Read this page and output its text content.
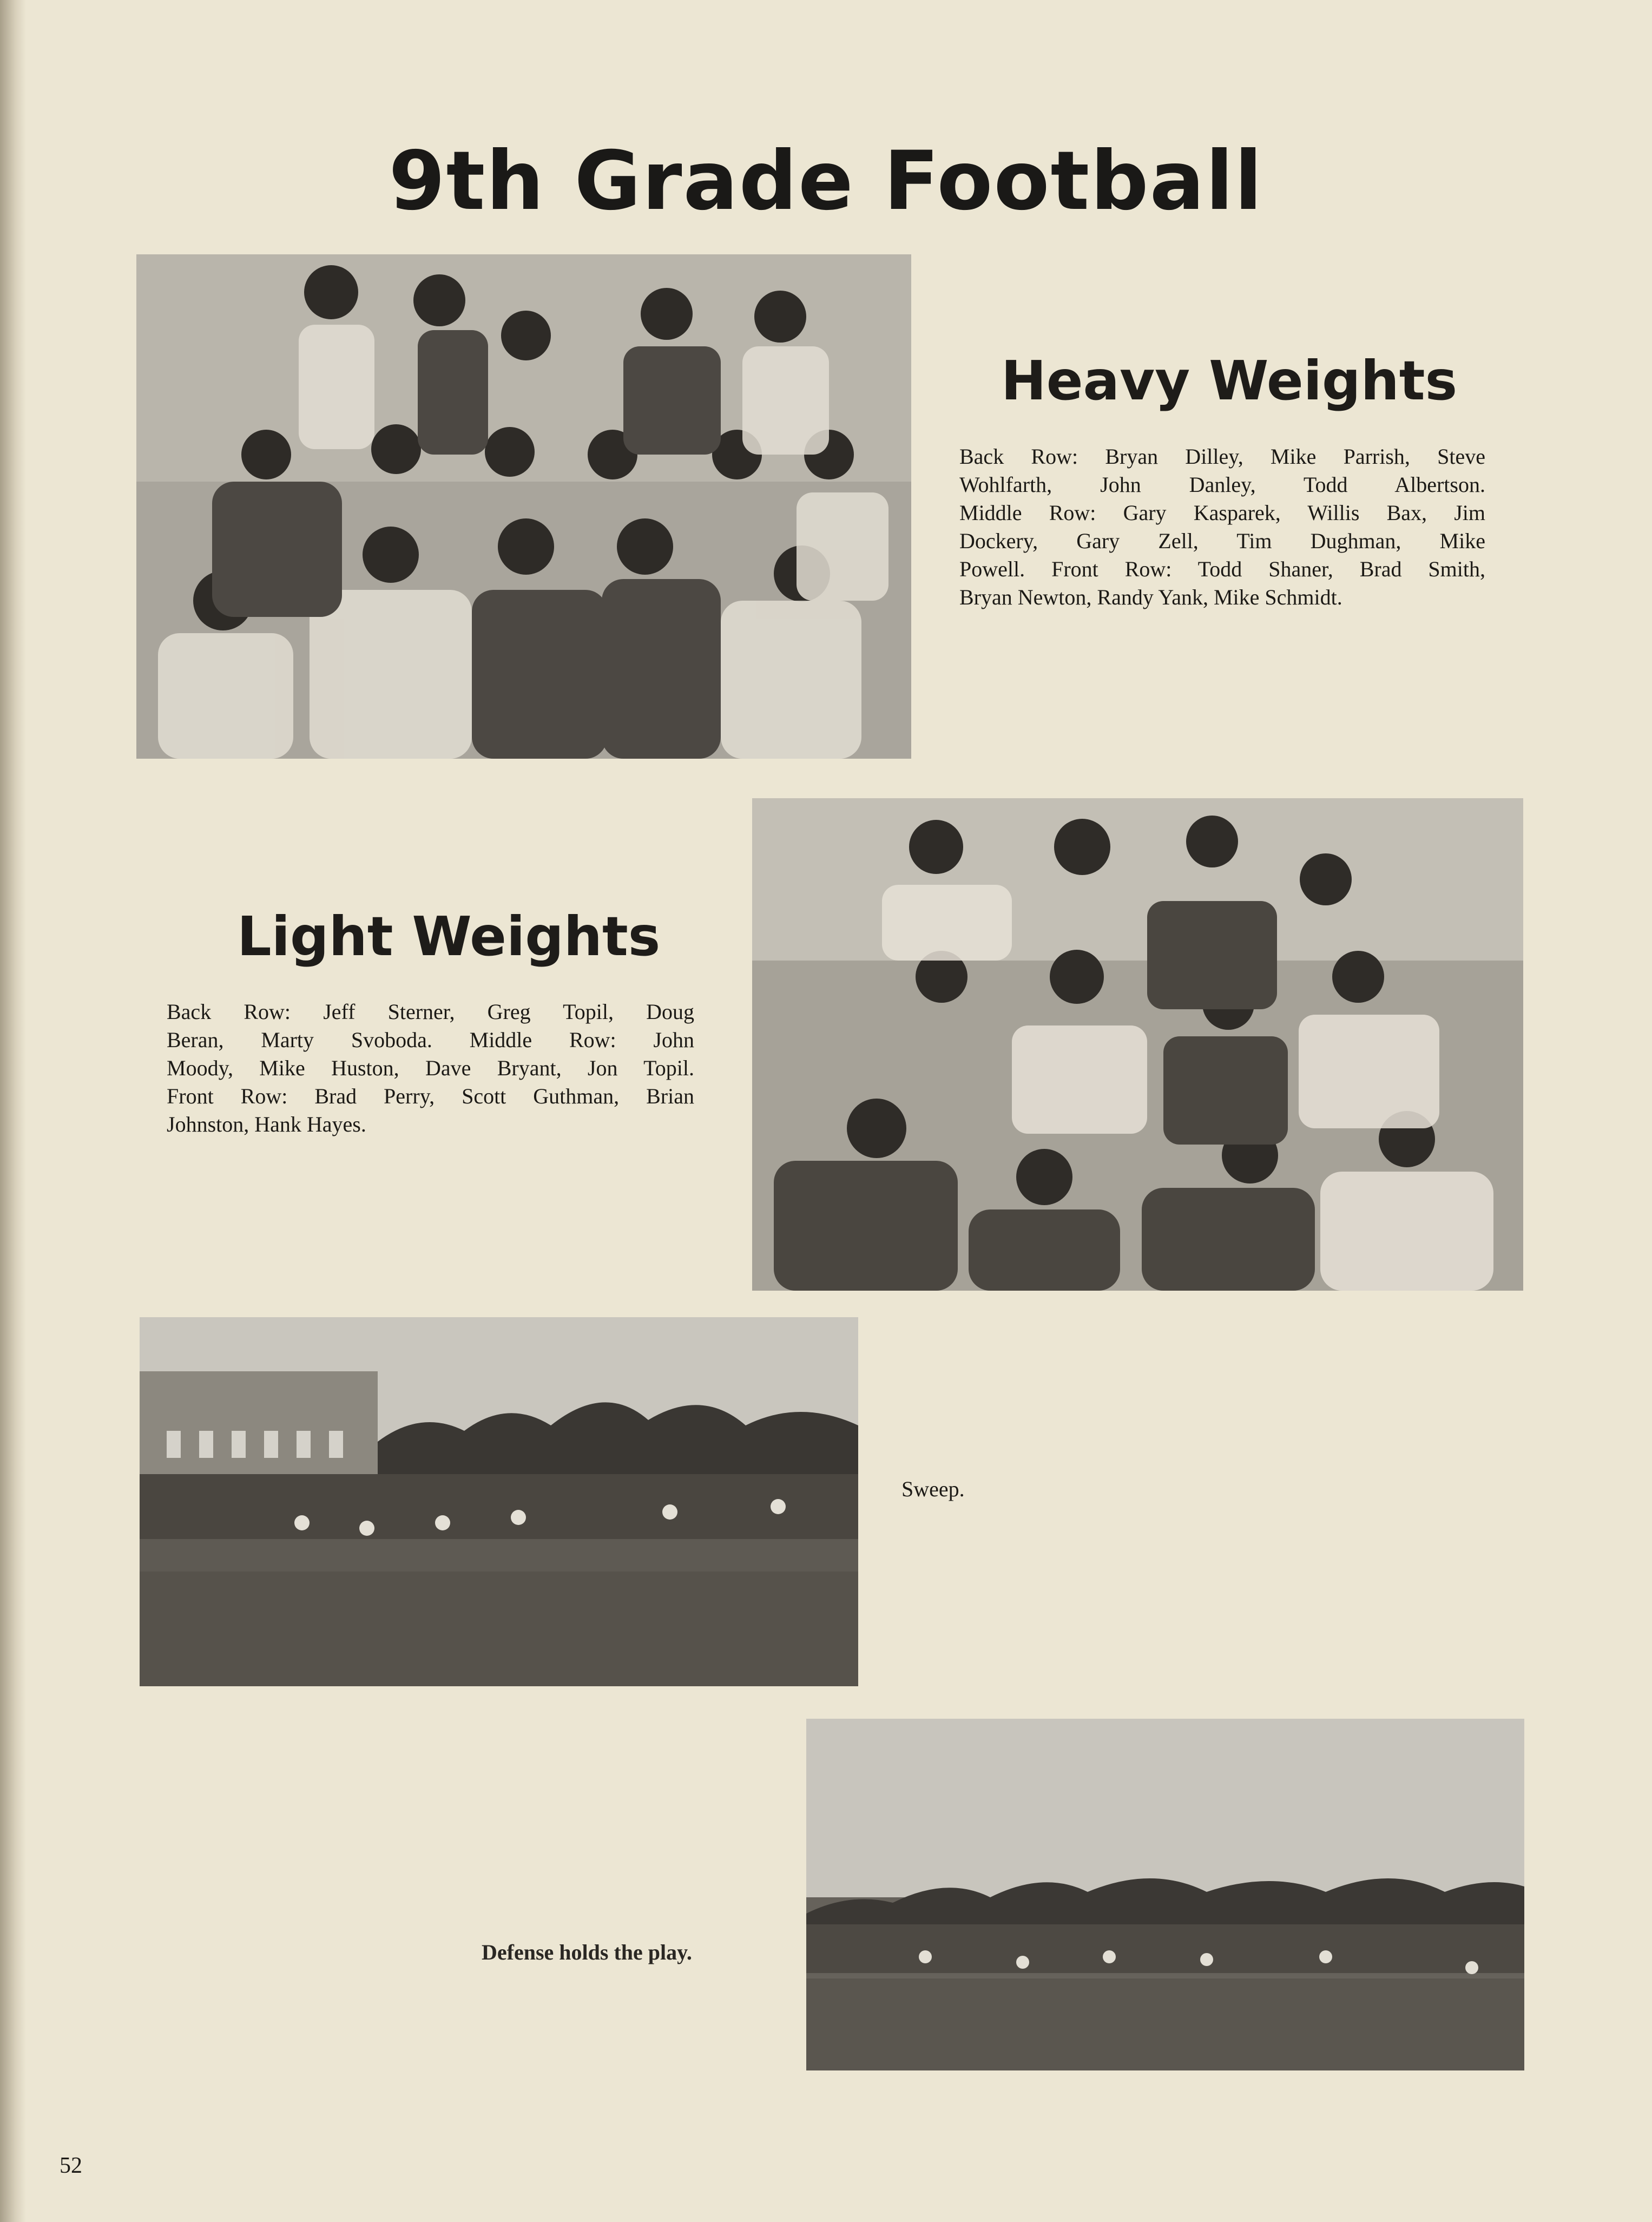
9th Grade Football
Heavy Weights
Back Row: Bryan Dilley, Mike Parrish, Steve
Wohlfarth, John Danley, Todd Albertson.
Middle Row: Gary Kasparek, Willis Bax, Jim
Dockery, Gary Zell, Tim Dughman, Mike
Powell. Front Row: Todd Shaner, Brad Smith,
Bryan Newton, Randy Yank, Mike Schmidt.
Light Weights
Back Row: Jeff Sterner, Greg Topil, Doug
Beran, Marty Svoboda. Middle Row: John
Moody, Mike Huston, Dave Bryant, Jon Topil.
Front Row: Brad Perry, Scott Guthman, Brian
Johnston, Hank Hayes.
Sweep.
Defense holds the play.
52
